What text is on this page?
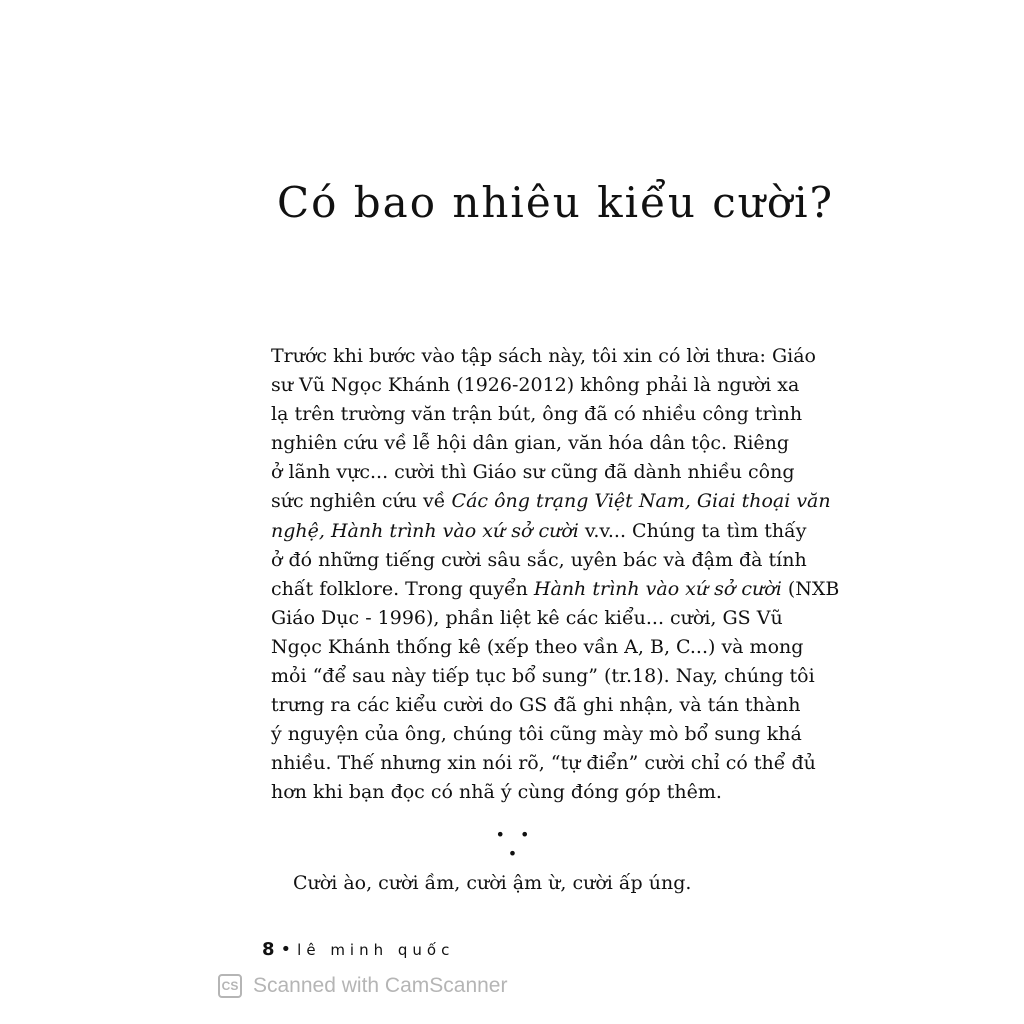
Có bao nhiêu kiểu cười?
Trước khi bước vào tập sách này, tôi xin có lời thưa: Giáo
sư Vũ Ngọc Khánh (1926-2012) không phải là người xa
lạ trên trường văn trận bút, ông đã có nhiều công trình
nghiên cứu về lễ hội dân gian, văn hóa dân tộc. Riêng
ở lãnh vực... cười thì Giáo sư cũng đã dành nhiều công
sức nghiên cứu về Các ông trạng Việt Nam, Giai thoại văn
nghệ, Hành trình vào xứ sở cười v.v... Chúng ta tìm thấy
ở đó những tiếng cười sâu sắc, uyên bác và đậm đà tính
chất folklore. Trong quyển Hành trình vào xứ sở cười (NXB
Giáo Dục - 1996), phần liệt kê các kiểu... cười, GS Vũ
Ngọc Khánh thống kê (xếp theo vần A, B, C...) và mong
mỏi “để sau này tiếp tục bổ sung” (tr.18). Nay, chúng tôi
trưng ra các kiểu cười do GS đã ghi nhận, và tán thành
ý nguyện của ông, chúng tôi cũng mày mò bổ sung khá
nhiều. Thế nhưng xin nói rõ, “tự điển” cười chỉ có thể đủ
hơn khi bạn đọc có nhã ý cùng đóng góp thêm.
• • •
Cười ào, cười ầm, cười ậm ừ, cười ấp úng.
8 • lê minh quốc
CS Scanned with CamScanner
